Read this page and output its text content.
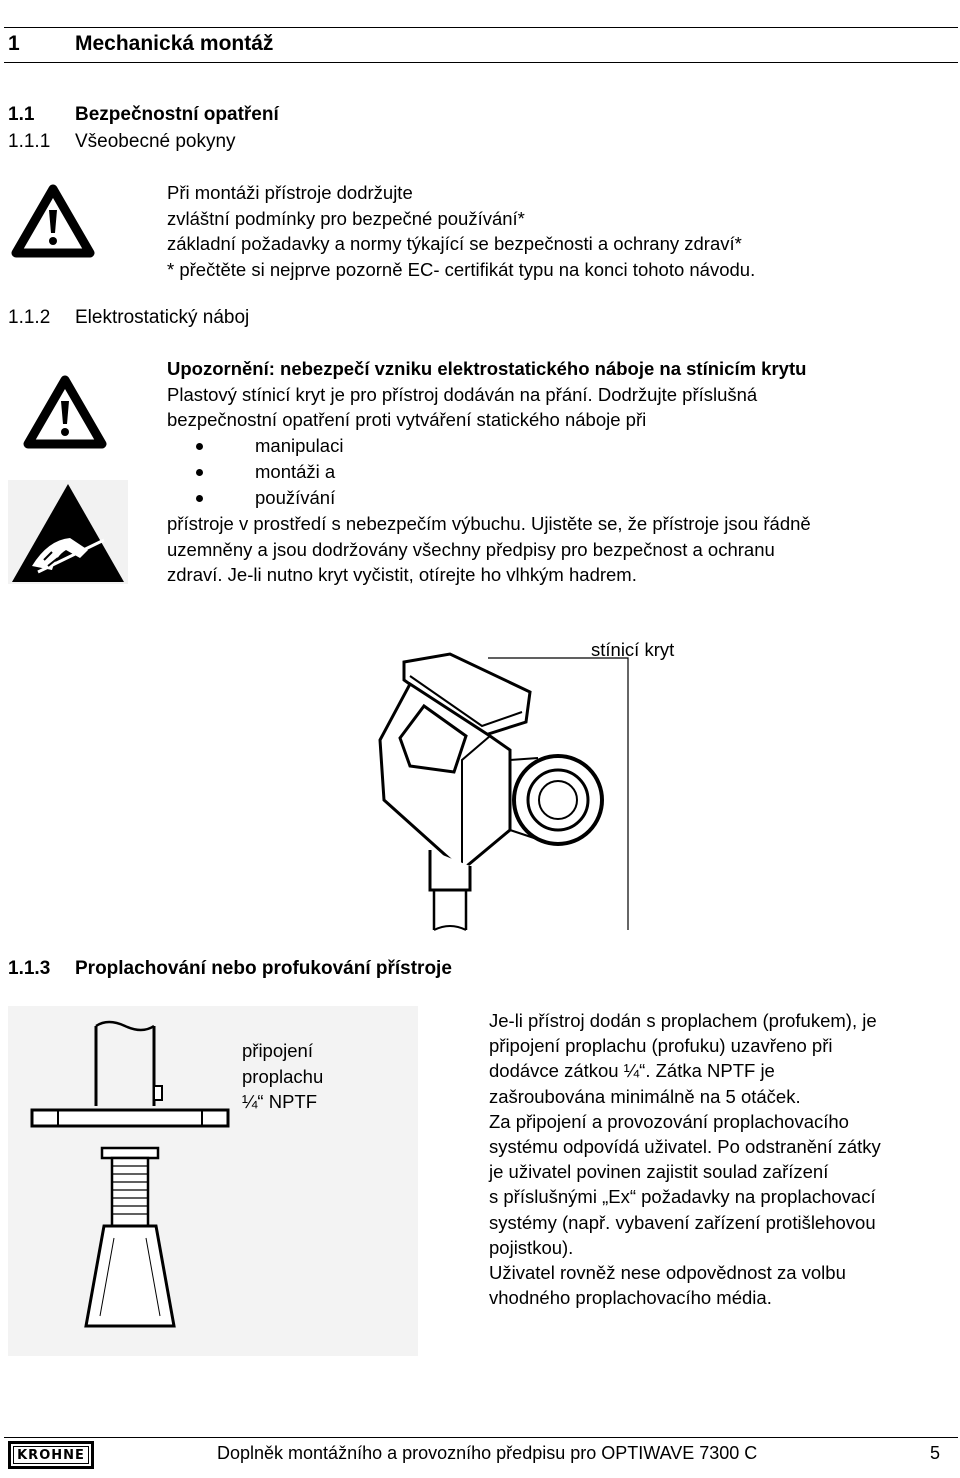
1	Mechanická montáž
1.1 Bezpečnostní opatření
1.1.1 Všeobecné pokyny
Při montáži přístroje dodržujte
zvláštní podmínky pro bezpečné používání*
základní požadavky a normy týkající se bezpečnosti a ochrany zdraví*
* přečtěte si nejprve pozorně EC- certifikát typu na konci tohoto návodu.
1.1.2 Elektrostatický náboj
Upozornění: nebezpečí vzniku elektrostatického náboje na stínicím krytu
Plastový stínicí kryt je pro přístroj dodáván na přání. Dodržujte příslušná
bezpečnostní opatření proti vytváření statického náboje při
manipulaci
montáži a
používání
přístroje v prostředí s nebezpečím výbuchu. Ujistěte se, že přístroje jsou řádně
uzemněny a jsou dodržovány všechny předpisy pro bezpečnost a ochranu
zdraví. Je-li nutno kryt vyčistit, otírejte ho vlhkým hadrem.
stínicí kryt
1.1.3 Proplachování nebo profukování přístroje
připojení
proplachu
¼“ NPTF
Je-li přístroj dodán s proplachem (profukem), je
připojení proplachu (profuku) uzavřeno při
dodávce zátkou ¼“. Zátka NPTF je
zašroubována minimálně na 5 otáček.
Za připojení a provozování proplachovacího
systému odpovídá uživatel. Po odstranění zátky
je uživatel povinen zajistit soulad zařízení
s příslušnými „Ex“ požadavky na proplachovací
systémy (např. vybavení zařízení protišlehovou
pojistkou).
Uživatel rovněž nese odpovědnost za volbu
vhodného proplachovacího média.
KROHNE	Doplněk montážního a provozního předpisu pro OPTIWAVE 7300 C	5
